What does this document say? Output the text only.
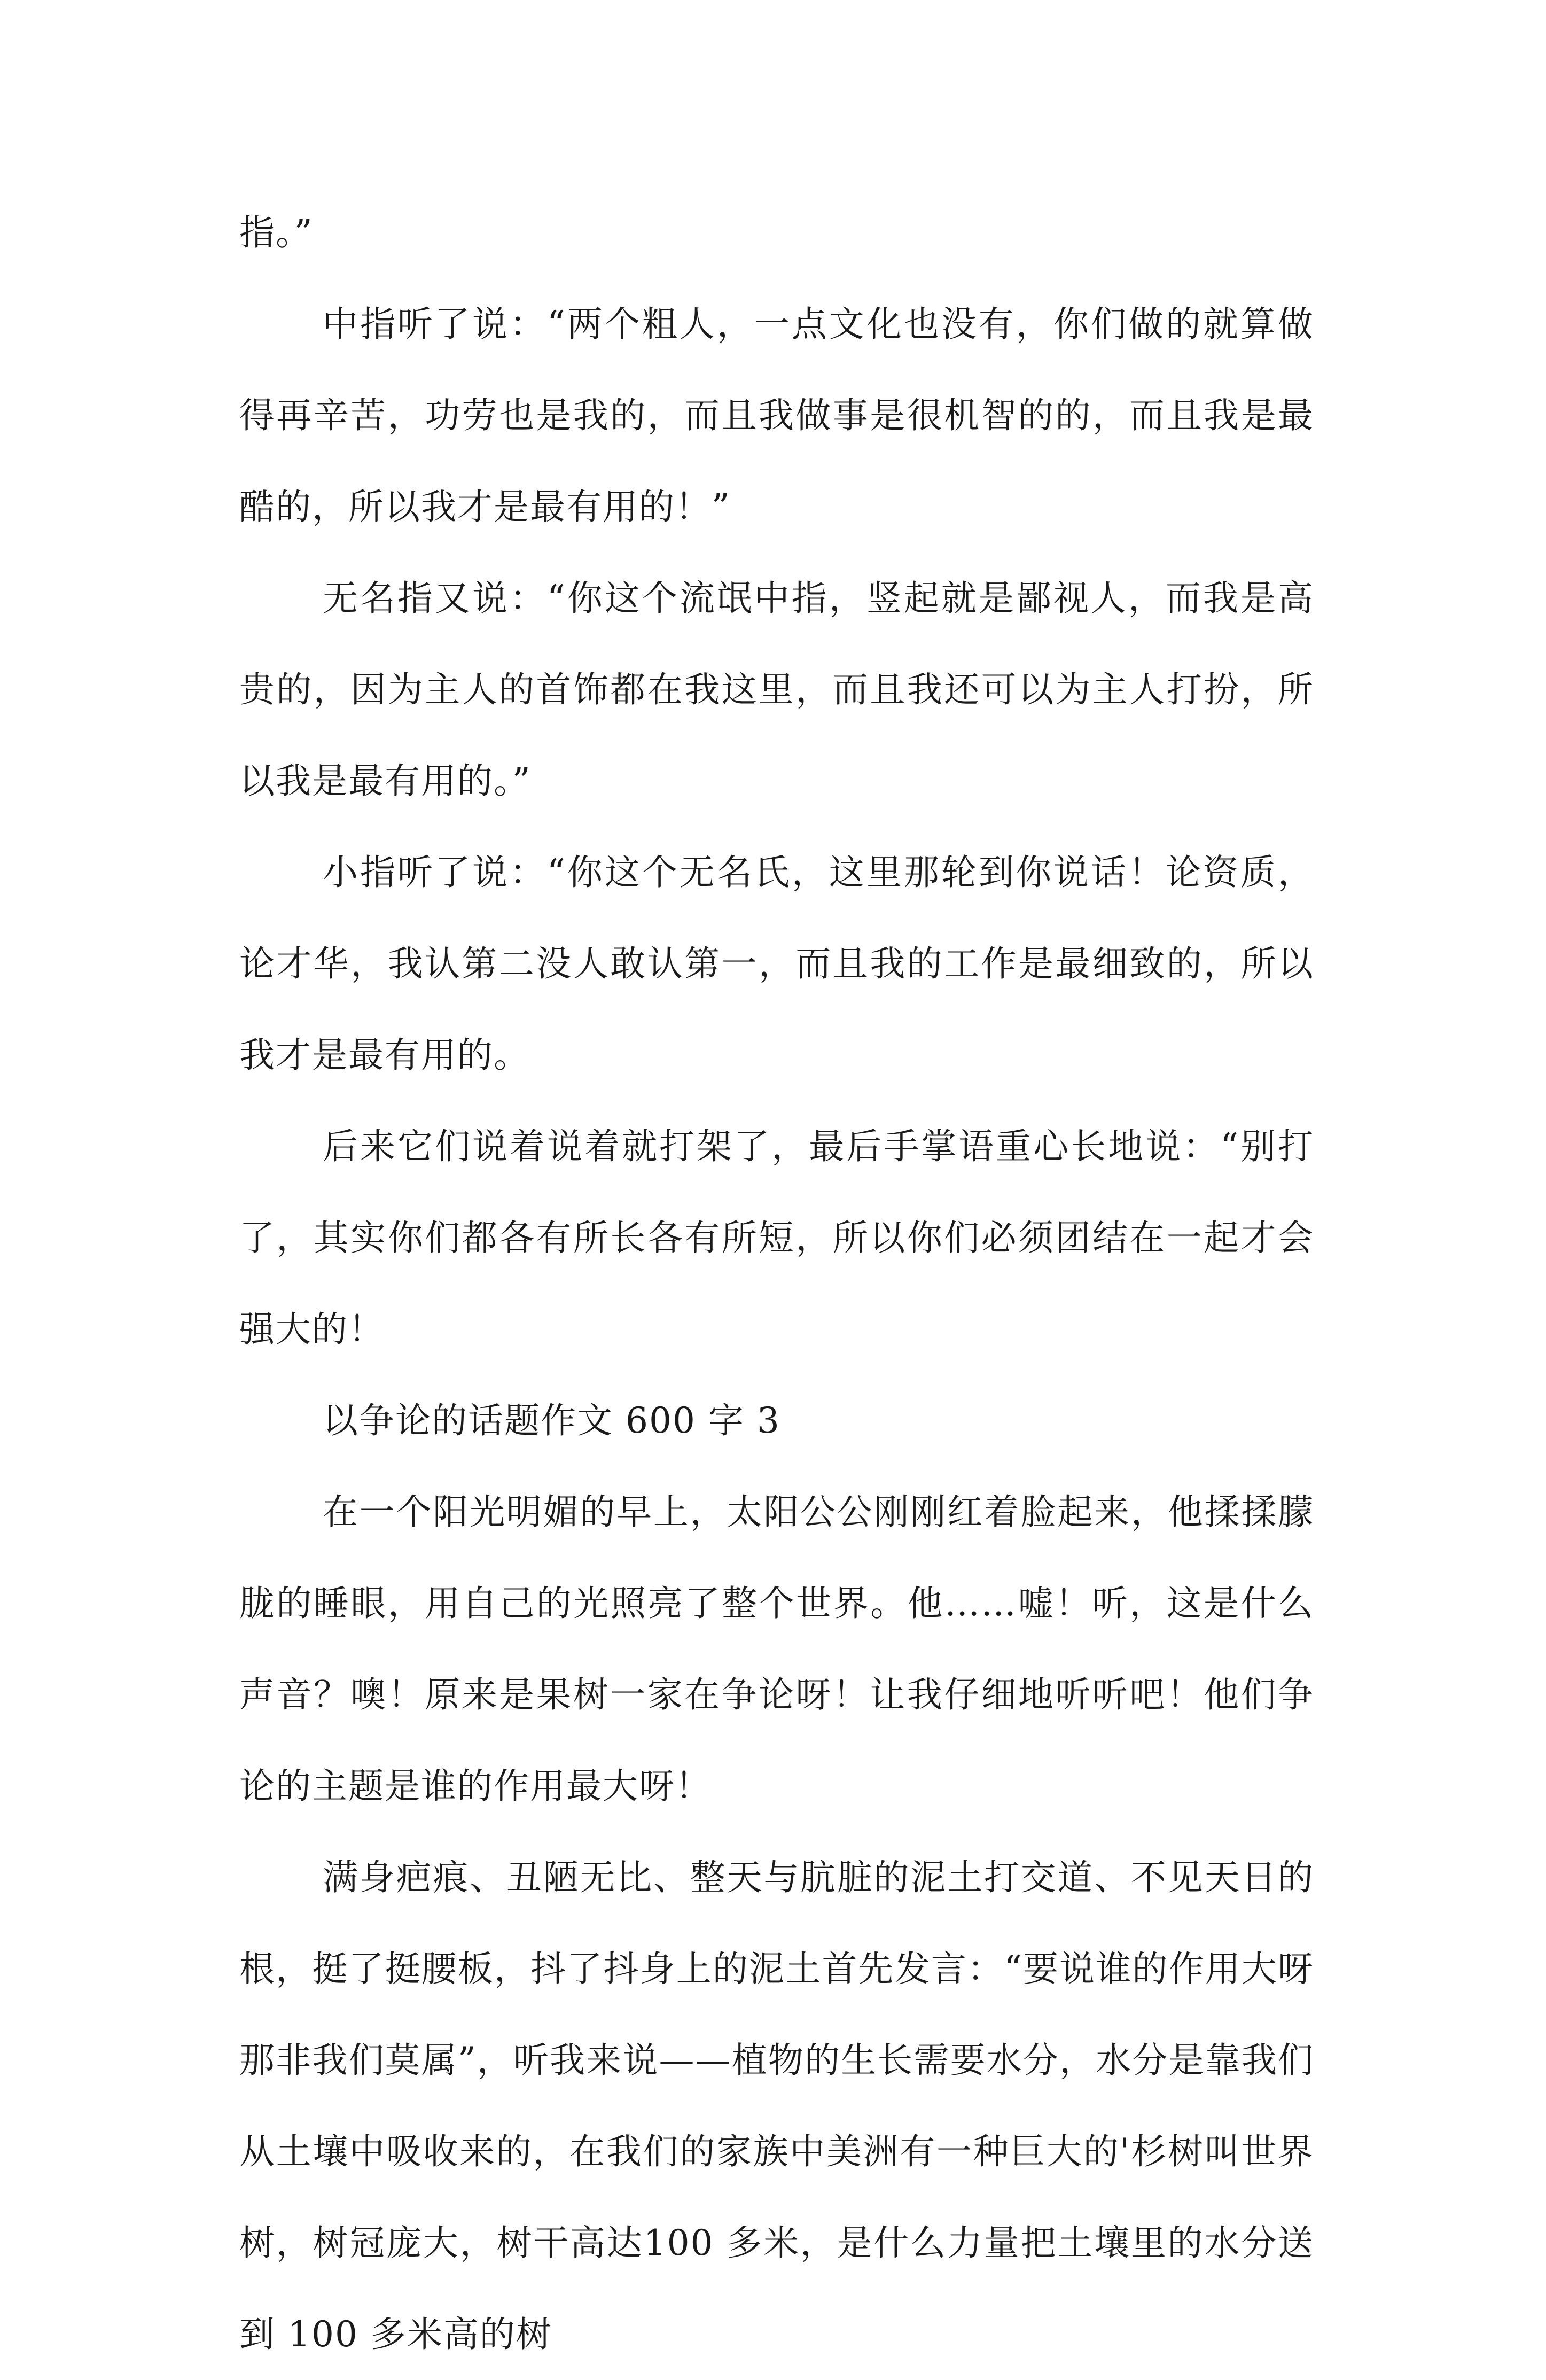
指。”
中指听了说：“两个粗人，一点文化也没有，你们做的就算做得再辛苦，功劳也是我的，而且我做事是很机智的的，而且我是最酷的，所以我才是最有用的！”
无名指又说：“你这个流氓中指，竖起就是鄙视人，而我是高贵的，因为主人的首饰都在我这里，而且我还可以为主人打扮，所以我是最有用的。”
小指听了说：“你这个无名氏，这里那轮到你说话！论资质，论才华，我认第二没人敢认第一，而且我的工作是最细致的，所以我才是最有用的。
后来它们说着说着就打架了，最后手掌语重心长地说：“别打了，其实你们都各有所长各有所短，所以你们必须团结在一起才会强大的！
以争论的话题作文 600 字 3
在一个阳光明媚的早上，太阳公公刚刚红着脸起来，他揉揉朦胧的睡眼，用自己的光照亮了整个世界。他……嘘！听，这是什么声音？噢！原来是果树一家在争论呀！让我仔细地听听吧！他们争论的主题是谁的作用最大呀！
满身疤痕、丑陋无比、整天与肮脏的泥土打交道、不见天日的根，挺了挺腰板，抖了抖身上的泥土首先发言：“要说谁的作用大呀那非我们莫属”，听我来说——植物的生长需要水分，水分是靠我们从土壤中吸收来的，在我们的家族中美洲有一种巨大的'杉树叫世界树，树冠庞大，树干高达100 多米，是什么力量把土壤里的水分送到 100 多米高的树
